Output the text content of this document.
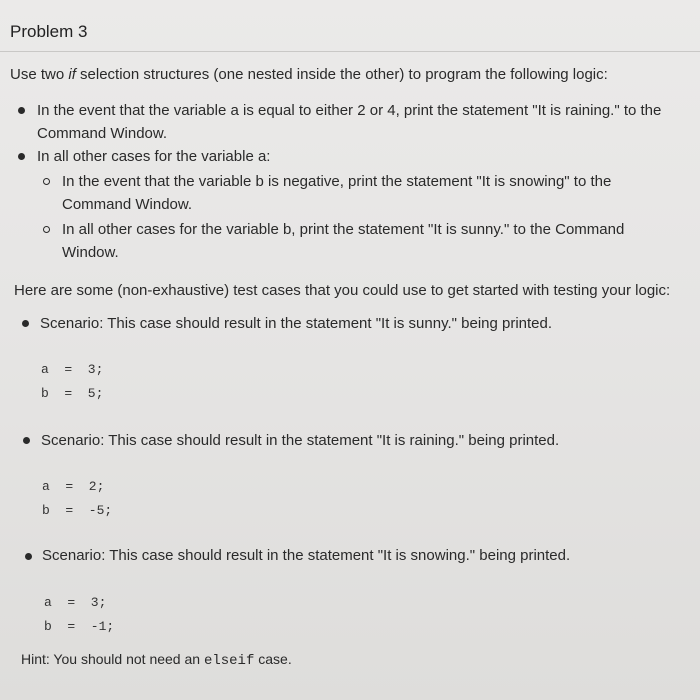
Problem 3
Use two if selection structures (one nested inside the other) to program the following logic:
In the event that the variable a is equal to either 2 or 4, print the statement "It is raining." to the
Command Window.
In all other cases for the variable a:
In the event that the variable b is negative, print the statement "It is snowing" to the
Command Window.
In all other cases for the variable b, print the statement "It is sunny." to the Command
Window.
Here are some (non-exhaustive) test cases that you could use to get started with testing your logic:
Scenario: This case should result in the statement "It is sunny." being printed.
a  =  3;
b  =  5;
Scenario: This case should result in the statement "It is raining." being printed.
a  =  2;
b  =  -5;
Scenario: This case should result in the statement "It is snowing." being printed.
a  =  3;
b  =  -1;
Hint: You should not need an elseif case.
